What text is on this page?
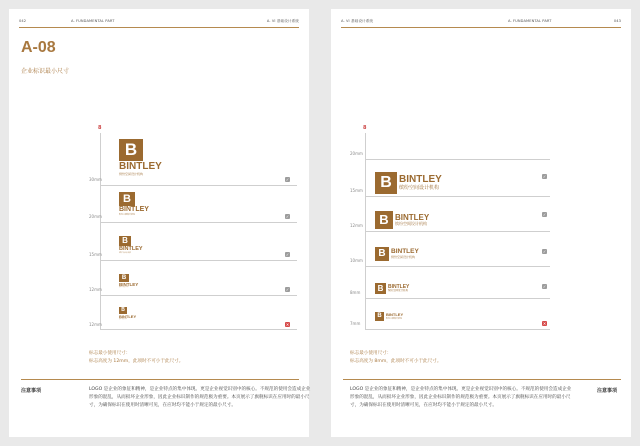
042	A. FUNDAMENTAL PART	A. VI 基础设计系统
A-08
企业标识最小尺寸
8
B
BINTLEY
缤纷空间设计机构
30mm	✓
B
BINTLEY
缤纷空间设计机构
20mm	✓
B
BINTLEY
缤纷空间设计机构
15mm	✓
B
BINTLEY
缤纷空间设计机构
12mm	✓
B
BINTLEY
缤纷空间设计机构
12mm	✕
标志最小使用尺寸：
标志高度为 12mm，此项时不可小于此尺寸。
注意事项	LOGO 是企业的象征和精神，是企业特点的集中体现。更是企业视觉识别中的核心。不规范的使用会造成企业形象的混乱，从而损坏企业形象，因此企业标识制作的规范极为重要。本页展示了旗舰标识在应用时的最小尺寸，为确保标识在使用时清晰可见，在应时均不能小于规定的最小尺寸。
A. VI 基础设计系统	A. FUNDAMENTAL PART	043
8
20mm
B BINTLEY
缤纷空间设计机构
15mm
✓
B BINTLEY
缤纷空间设计机构
12mm
✓
B BINTLEY
缤纷空间设计机构
10mm
✓
B BINTLEY
缤纷空间设计机构
8mm
✓
B	BINTLEY
缤纷空间设计机构
7mm	✕
标志最小使用尺寸：
标志高度为 8mm，此项时不可小于此尺寸。
LOGO 是企业的象征和精神，是企业特点的集中体现。更是企业视觉识别中的核心。不规范的使用会造成企业形象的混乱，从而损坏企业形象，因此企业标识制作的规范极为重要。本页展示了旗舰标识在应用时的最小尺寸，为确保标识在使用时清晰可见，在应时均不能小于规定的最小尺寸。
注意事项
